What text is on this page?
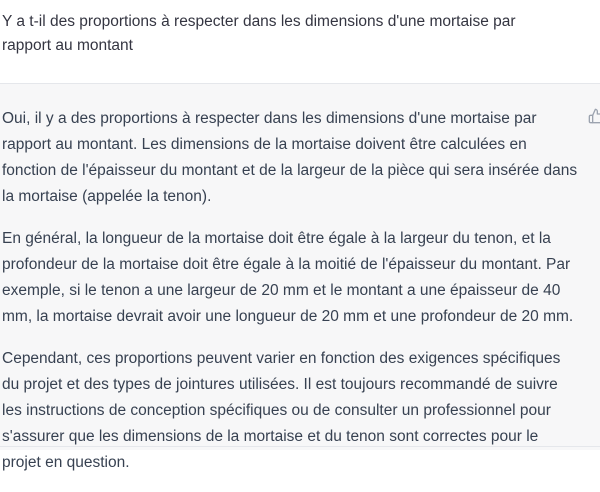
Y a t-il des proportions à respecter dans les dimensions d'une mortaise par rapport au montant

Oui, il y a des proportions à respecter dans les dimensions d'une mortaise par rapport au montant. Les dimensions de la mortaise doivent être calculées en fonction de l'épaisseur du montant et de la largeur de la pièce qui sera insérée dans la mortaise (appelée la tenon).

En général, la longueur de la mortaise doit être égale à la largeur du tenon, et la profondeur de la mortaise doit être égale à la moitié de l'épaisseur du montant. Par exemple, si le tenon a une largeur de 20 mm et le montant a une épaisseur de 40 mm, la mortaise devrait avoir une longueur de 20 mm et une profondeur de 20 mm.

Cependant, ces proportions peuvent varier en fonction des exigences spécifiques du projet et des types de jointures utilisées. Il est toujours recommandé de suivre les instructions de conception spécifiques ou de consulter un professionnel pour s'assurer que les dimensions de la mortaise et du tenon sont correctes pour le projet en question.
